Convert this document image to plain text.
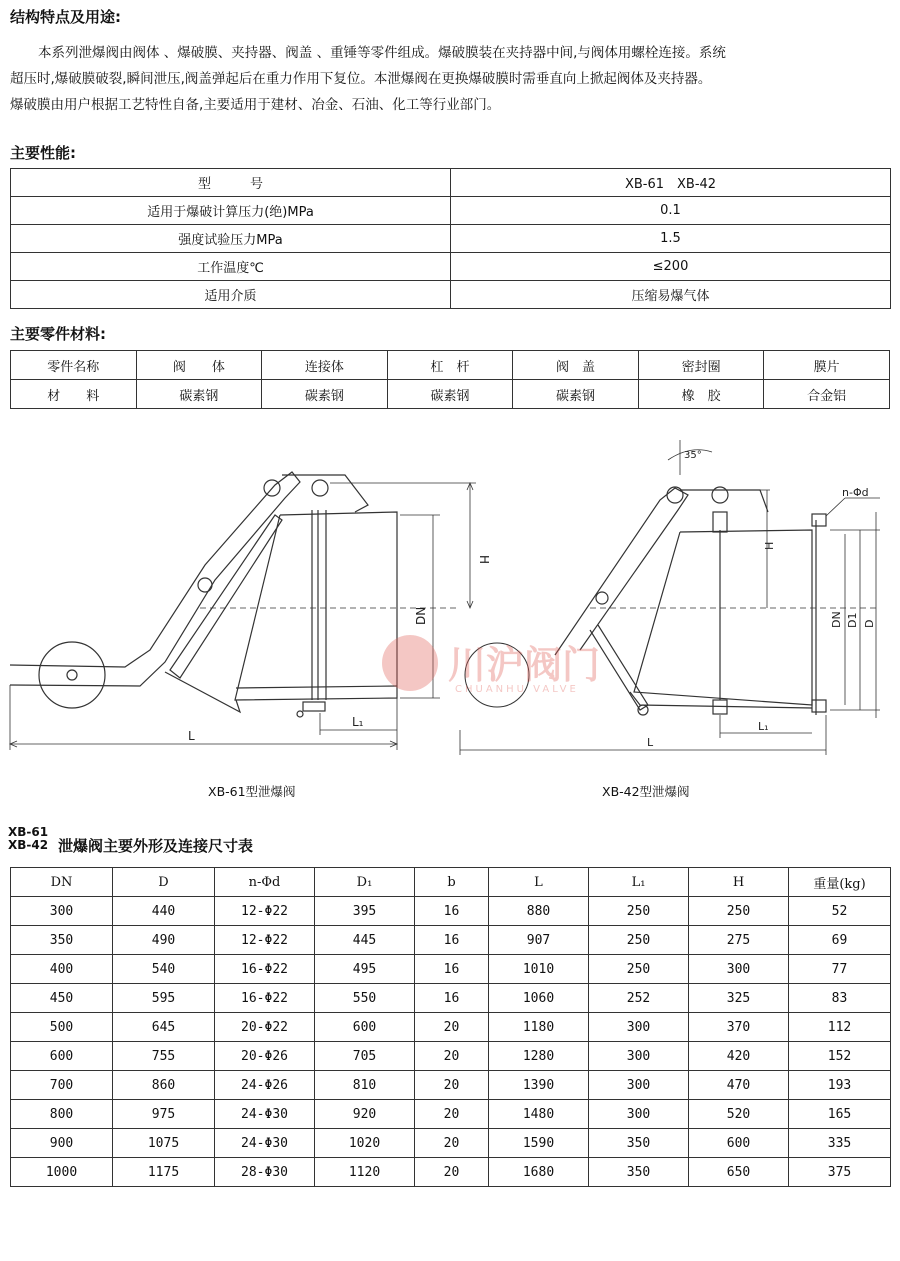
结构特点及用途:

本系列泄爆阀由阀体 、爆破膜、夹持器、阀盖 、重锤等零件组成。爆破膜装在夹持器中间,与阀体用螺栓连接。系统

超压时,爆破膜破裂,瞬间泄压,阀盖弹起后在重力作用下复位。本泄爆阀在更换爆破膜时需垂直向上掀起阀体及夹持器。

爆破膜由用户根据工艺特性自备,主要适用于建材、冶金、石油、化工等行业部门。

主要性能:
型　　　号	XB-61　XB-42
适用于爆破计算压力(绝)MPa	0.1
强度试验压力MPa	1.5
工作温度℃	≤200
适用介质	压缩易爆气体
主要零件材料:
零件名称	阀　　体	连接体	杠　杆	阀　盖	密封圈	膜片
材　　料	碳素钢	碳素钢	碳素钢	碳素钢	橡　胶	合金铝
H
DN
L
L₁
H
DN D1 D
n-Φd
35°
L
L₁
川沪阀门
CHUANHU VALVE
XB-61型泄爆阀	XB-42型泄爆阀
XB-61
XB-42 泄爆阀主要外形及连接尺寸表
DN	D	n-Φd	D₁	b	L	L₁	H	重量(kg)
300	440	12-Φ22	395	16	880	250	250	52
350	490	12-Φ22	445	16	907	250	275	69
400	540	16-Φ22	495	16	1010	250	300	77
450	595	16-Φ22	550	16	1060	252	325	83
500	645	20-Φ22	600	20	1180	300	370	112
600	755	20-Φ26	705	20	1280	300	420	152
700	860	24-Φ26	810	20	1390	300	470	193
800	975	24-Φ30	920	20	1480	300	520	165
900	1075	24-Φ30	1020	20	1590	350	600	335
1000	1175	28-Φ30	1120	20	1680	350	650	375
